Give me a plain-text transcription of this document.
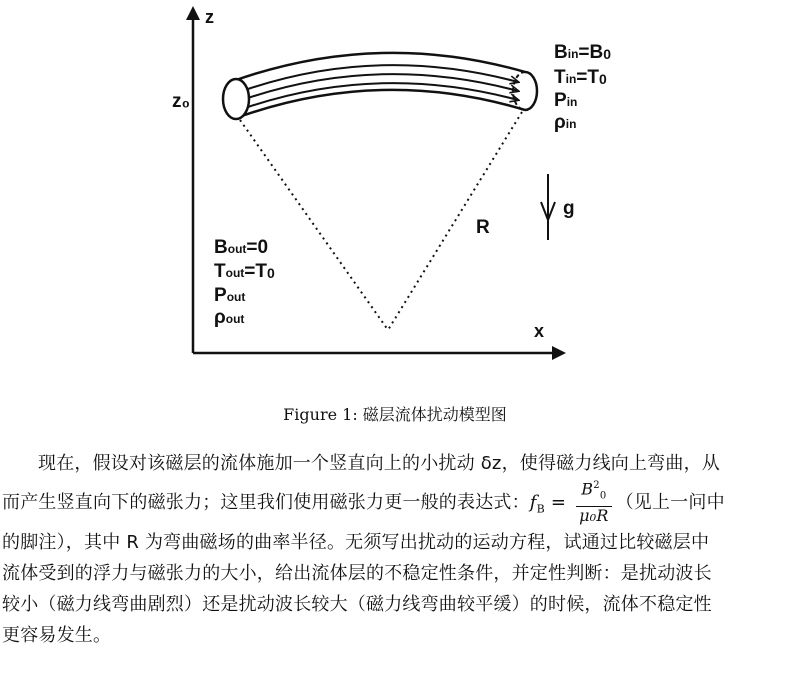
z
x
z₀
R
g
Bin=B0
Tin=T0
Pin
ρin
Bout=0
Tout=T0
Pout
ρout
Figure 1: 磁层流体扰动模型图
现在，假设对该磁层的流体施加一个竖直向上的小扰动 δz，使得磁力线向上弯曲，从
而产生竖直向下的磁张力；这里我们使用磁张力更一般的表达式：$f_B = \frac{B^2_0}{\text{μ₀R}}$ （见上一问中
的脚注），其中 R 为弯曲磁场的曲率半径。无须写出扰动的运动方程，试通过比较磁层中
流体受到的浮力与磁张力的大小，给出流体层的不稳定性条件，并定性判断：是扰动波长
较小（磁力线弯曲剧烈）还是扰动波长较大（磁力线弯曲较平缓）的时候，流体不稳定性
更容易发生。
